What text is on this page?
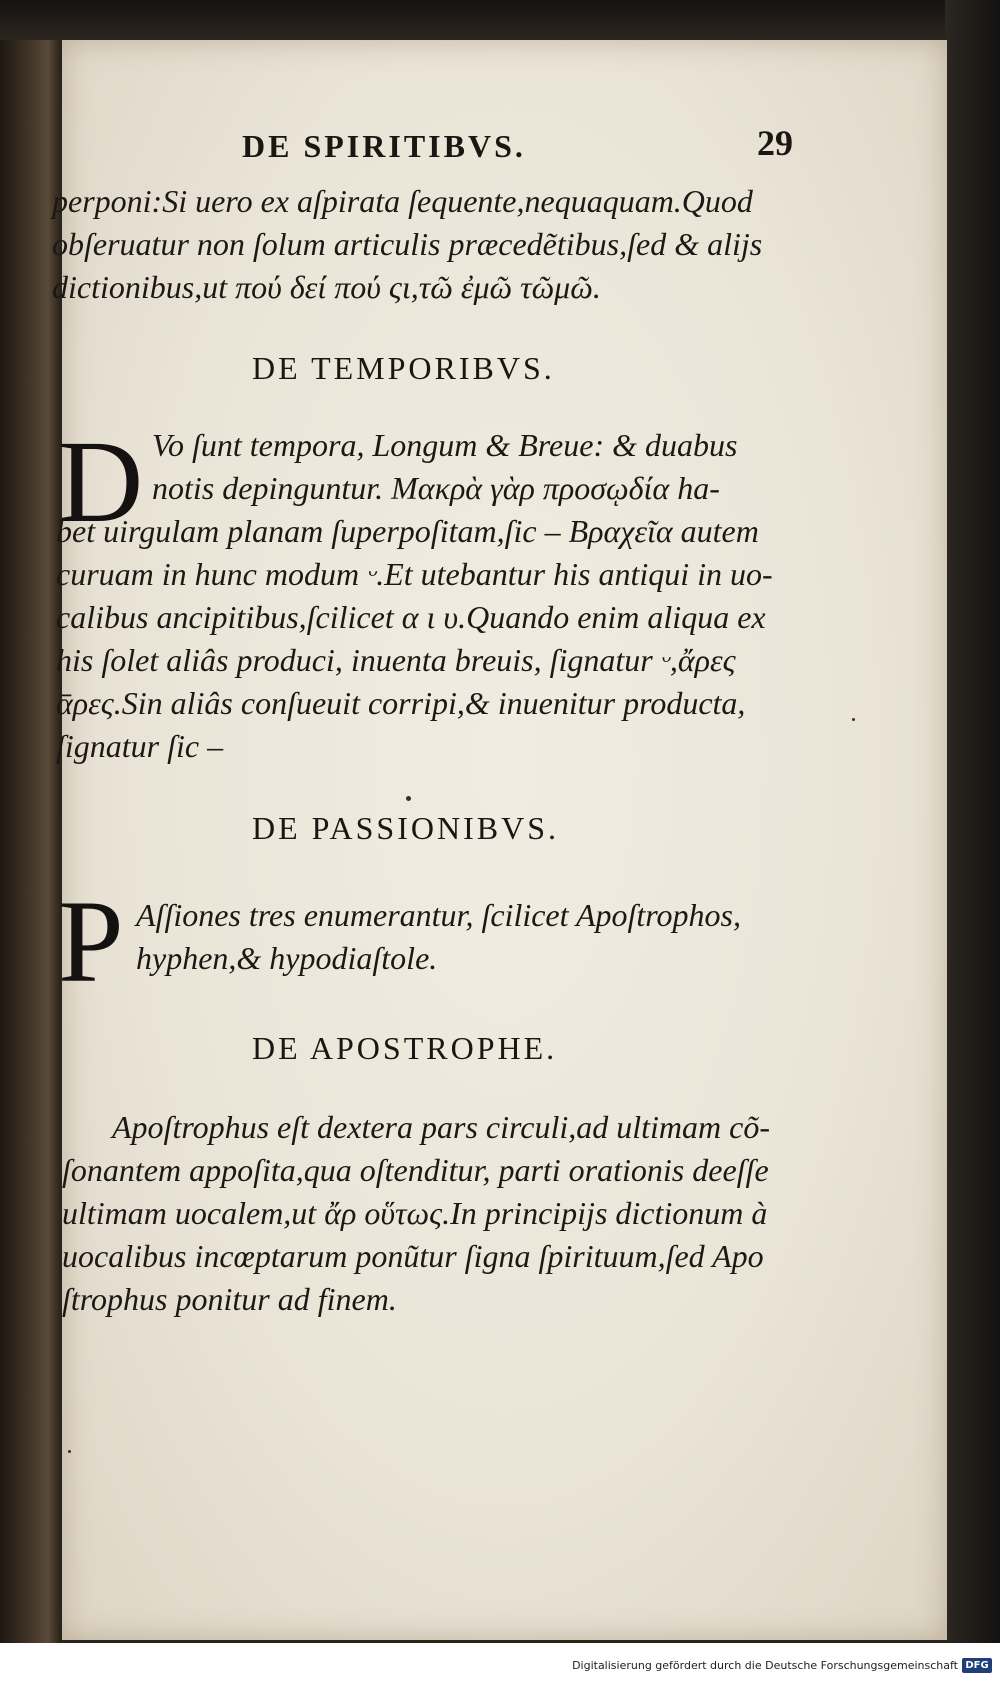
DE SPIRITIBVS.	29
perponi:Si uero ex aſpirata ſequente,nequaquam.Quod
obſeruatur non ſolum articulis præcedẽtibus,ſed & aliјs
dictionibus,ut πού δεί πού ςι,τῶ ἐμῶ τῶμῶ.
DE TEMPORIBVS.
D Vo ſunt tempora, Longum & Breue: & duabus
notis depinguntur. Μακρὰ γὰρ προσῳδία ha-
bet uirgulam planam ſuperpoſitam,ſic – Βραχεῖα autem
curuam in hunc modum ᵕ.Et utebantur his antiqui in uo-
calibus ancipitibus,ſcilicet α ι υ.Quando enim aliqua ex
his ſolet aliâs produci, inuenta breuis, ſignatur ᵕ,ἄρες
ᾱρες.Sin aliâs conſueuit corripi,& inuenitur producta,
ſignatur ſic –
DE PASSIONIBVS.
P Aſſiones tres enumerantur, ſcilicet Apoſtrophos,
hyphen,& hypodiaſtole.
DE APOSTROPHE.
Apoſtrophus eſt dextera pars circuli,ad ultimam cõ-
ſonantem appoſita,qua oſtenditur, parti orationis deeſſe
ultimam uocalem,ut ἄρ οὕτως.In principijs dictionum à
uocalibus incœptarum ponũtur ſigna ſpirituum,ſed Apo
ſtrophus ponitur ad finem.
Digitalisierung gefördert durch die Deutsche Forschungsgemeinschaft DFG
